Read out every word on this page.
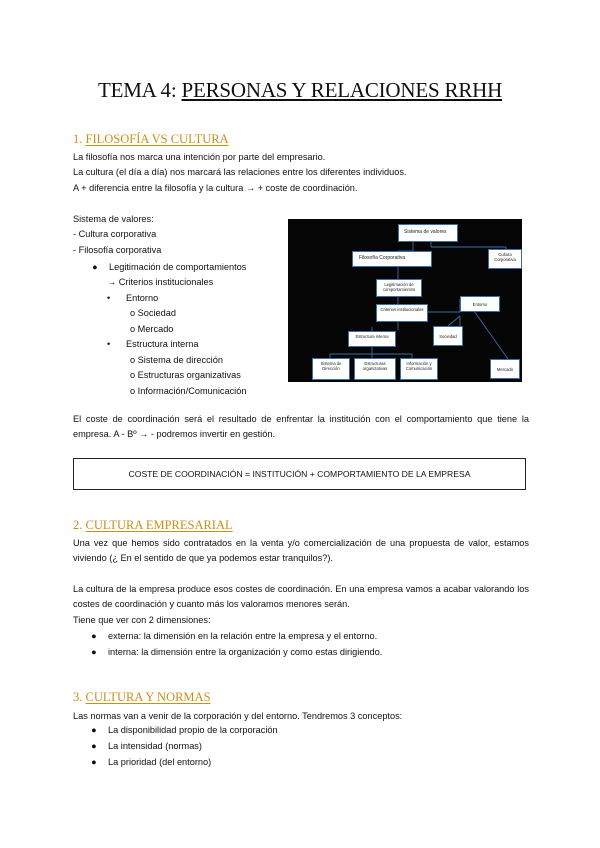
TEMA 4: PERSONAS Y RELACIONES RRHH
1. FILOSOFÍA VS CULTURA
La filosofía nos marca una intención por parte del empresario.
La cultura (el día a día) nos marcará las relaciones entre los diferentes individuos.
A + diferencia entre la filosofía y la cultura → + coste de coordinación.
Sistema de valores:
- Cultura corporativa
- Filosofía corporativa
● Legitimación de comportamientos
→ Criterios institucionales
• Entorno
o Sociedad
o Mercado
• Estructura interna
o Sistema de dirección
o Estructuras organizativas
o Información/Comunicación
Sistema de valores
Cultura Corporativa
Filosofía Corporativa
Legitimación de comportamientos
Criterios institucionales
Entorno
Estructura interna	Sociedad
Sistema de Dirección
Estructuras organizativas
Información y Comunicación	Mercado
El coste de coordinación será el resultado de enfrentar la institución con el comportamiento que tiene la empresa. A - Bº → - podremos invertir en gestión.
COSTE DE COORDINACIÓN = INSTITUCIÓN + COMPORTAMIENTO DE LA EMPRESA
2. CULTURA EMPRESARIAL
Una vez que hemos sido contratados en la venta y/o comercialización de una propuesta de valor, estamos viviendo (¿ En el sentido de que ya podemos estar tranquilos?).
La cultura de la empresa produce esos costes de coordinación. En una empresa vamos a acabar valorando los costes de coordinación y cuanto más los valoramos menores serán.
Tiene que ver con 2 dimensiones:
● externa: la dimensión en la relación entre la empresa y el entorno.
● interna: la dimensión entre la organización y como estas dirigiendo.
3. CULTURA Y NORMAS
Las normas van a venir de la corporación y del entorno. Tendremos 3 conceptos:
● La disponibilidad propio de la corporación
● La intensidad (normas)
● La prioridad (del entorno)
